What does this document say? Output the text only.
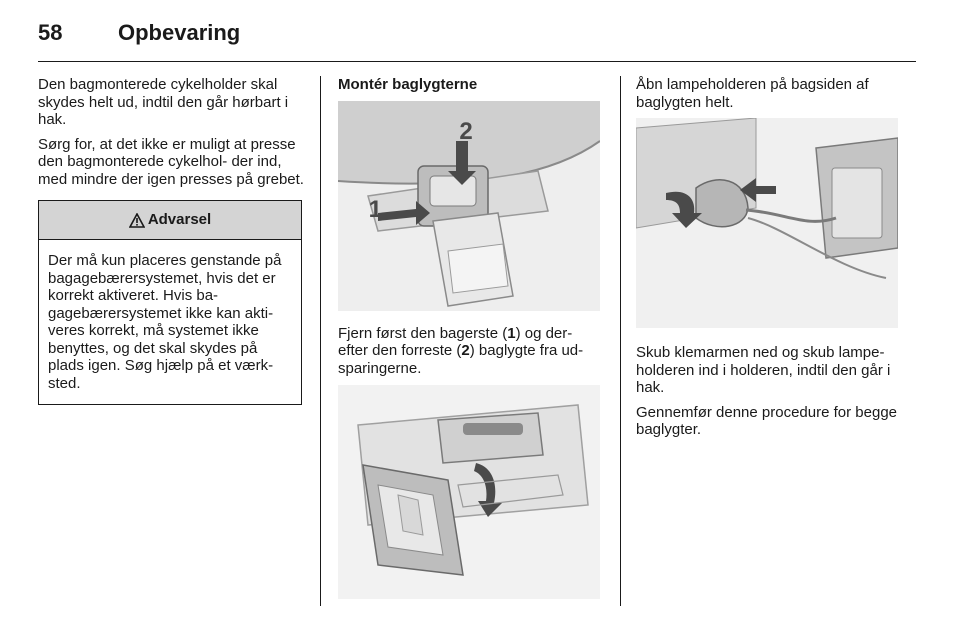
58	Opbevaring

Den bagmonterede cykelholder skal skydes helt ud, indtil den går hørbart i hak.

Sørg for, at det ikke er muligt at presse den bagmonterede cykelhol- der ind, med mindre der igen presses på grebet.

Advarsel
Der må kun placeres genstande på bagagebærersystemet, hvis det er korrekt aktiveret. Hvis ba- gagebærersystemet ikke kan akti- veres korrekt, må systemet ikke benyttes, og det skal skydes på plads igen. Søg hjælp på et værk- sted.

Montér baglygterne

1
2

Fjern først den bagerste (1) og der- efter den forreste (2) baglygte fra ud- sparingerne.

Åbn lampeholderen på bagsiden af baglygten helt.

Skub klemarmen ned og skub lampe- holderen ind i holderen, indtil den går i hak.

Gennemfør denne procedure for begge baglygter.
